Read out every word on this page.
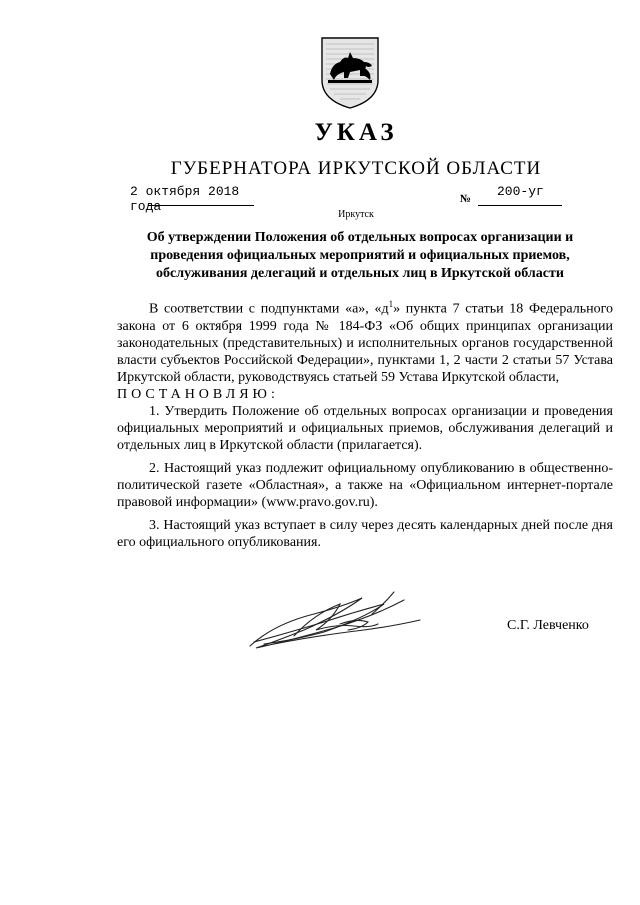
УКАЗ
ГУБЕРНАТОРА ИРКУТСКОЙ ОБЛАСТИ
2 октября 2018 года	№ 200-уг
Иркутск
Об утверждении Положения об отдельных вопросах организации и проведения официальных мероприятий и официальных приемов, обслуживания делегаций и отдельных лиц в Иркутской области

В соответствии с подпунктами «а», «$д^1$» пункта 7 статьи 18 Федерального закона от 6 октября 1999 года № 184-ФЗ «Об общих принципах организации законодательных (представительных) и исполнительных органов государственной власти субъектов Российской Федерации», пунктами 1, 2 части 2 статьи 57 Устава Иркутской области, руководствуясь статьей 59 Устава Иркутской области,

ПОСТАНОВЛЯЮ:

1. Утвердить Положение об отдельных вопросах организации и проведения официальных мероприятий и официальных приемов, обслуживания делегаций и отдельных лиц в Иркутской области (прилагается).

2. Настоящий указ подлежит официальному опубликованию в общественно-политической газете «Областная», а также на «Официальном интернет-портале правовой информации» (www.pravo.gov.ru).

3. Настоящий указ вступает в силу через десять календарных дней после дня его официального опубликования.

С.Г. Левченко
